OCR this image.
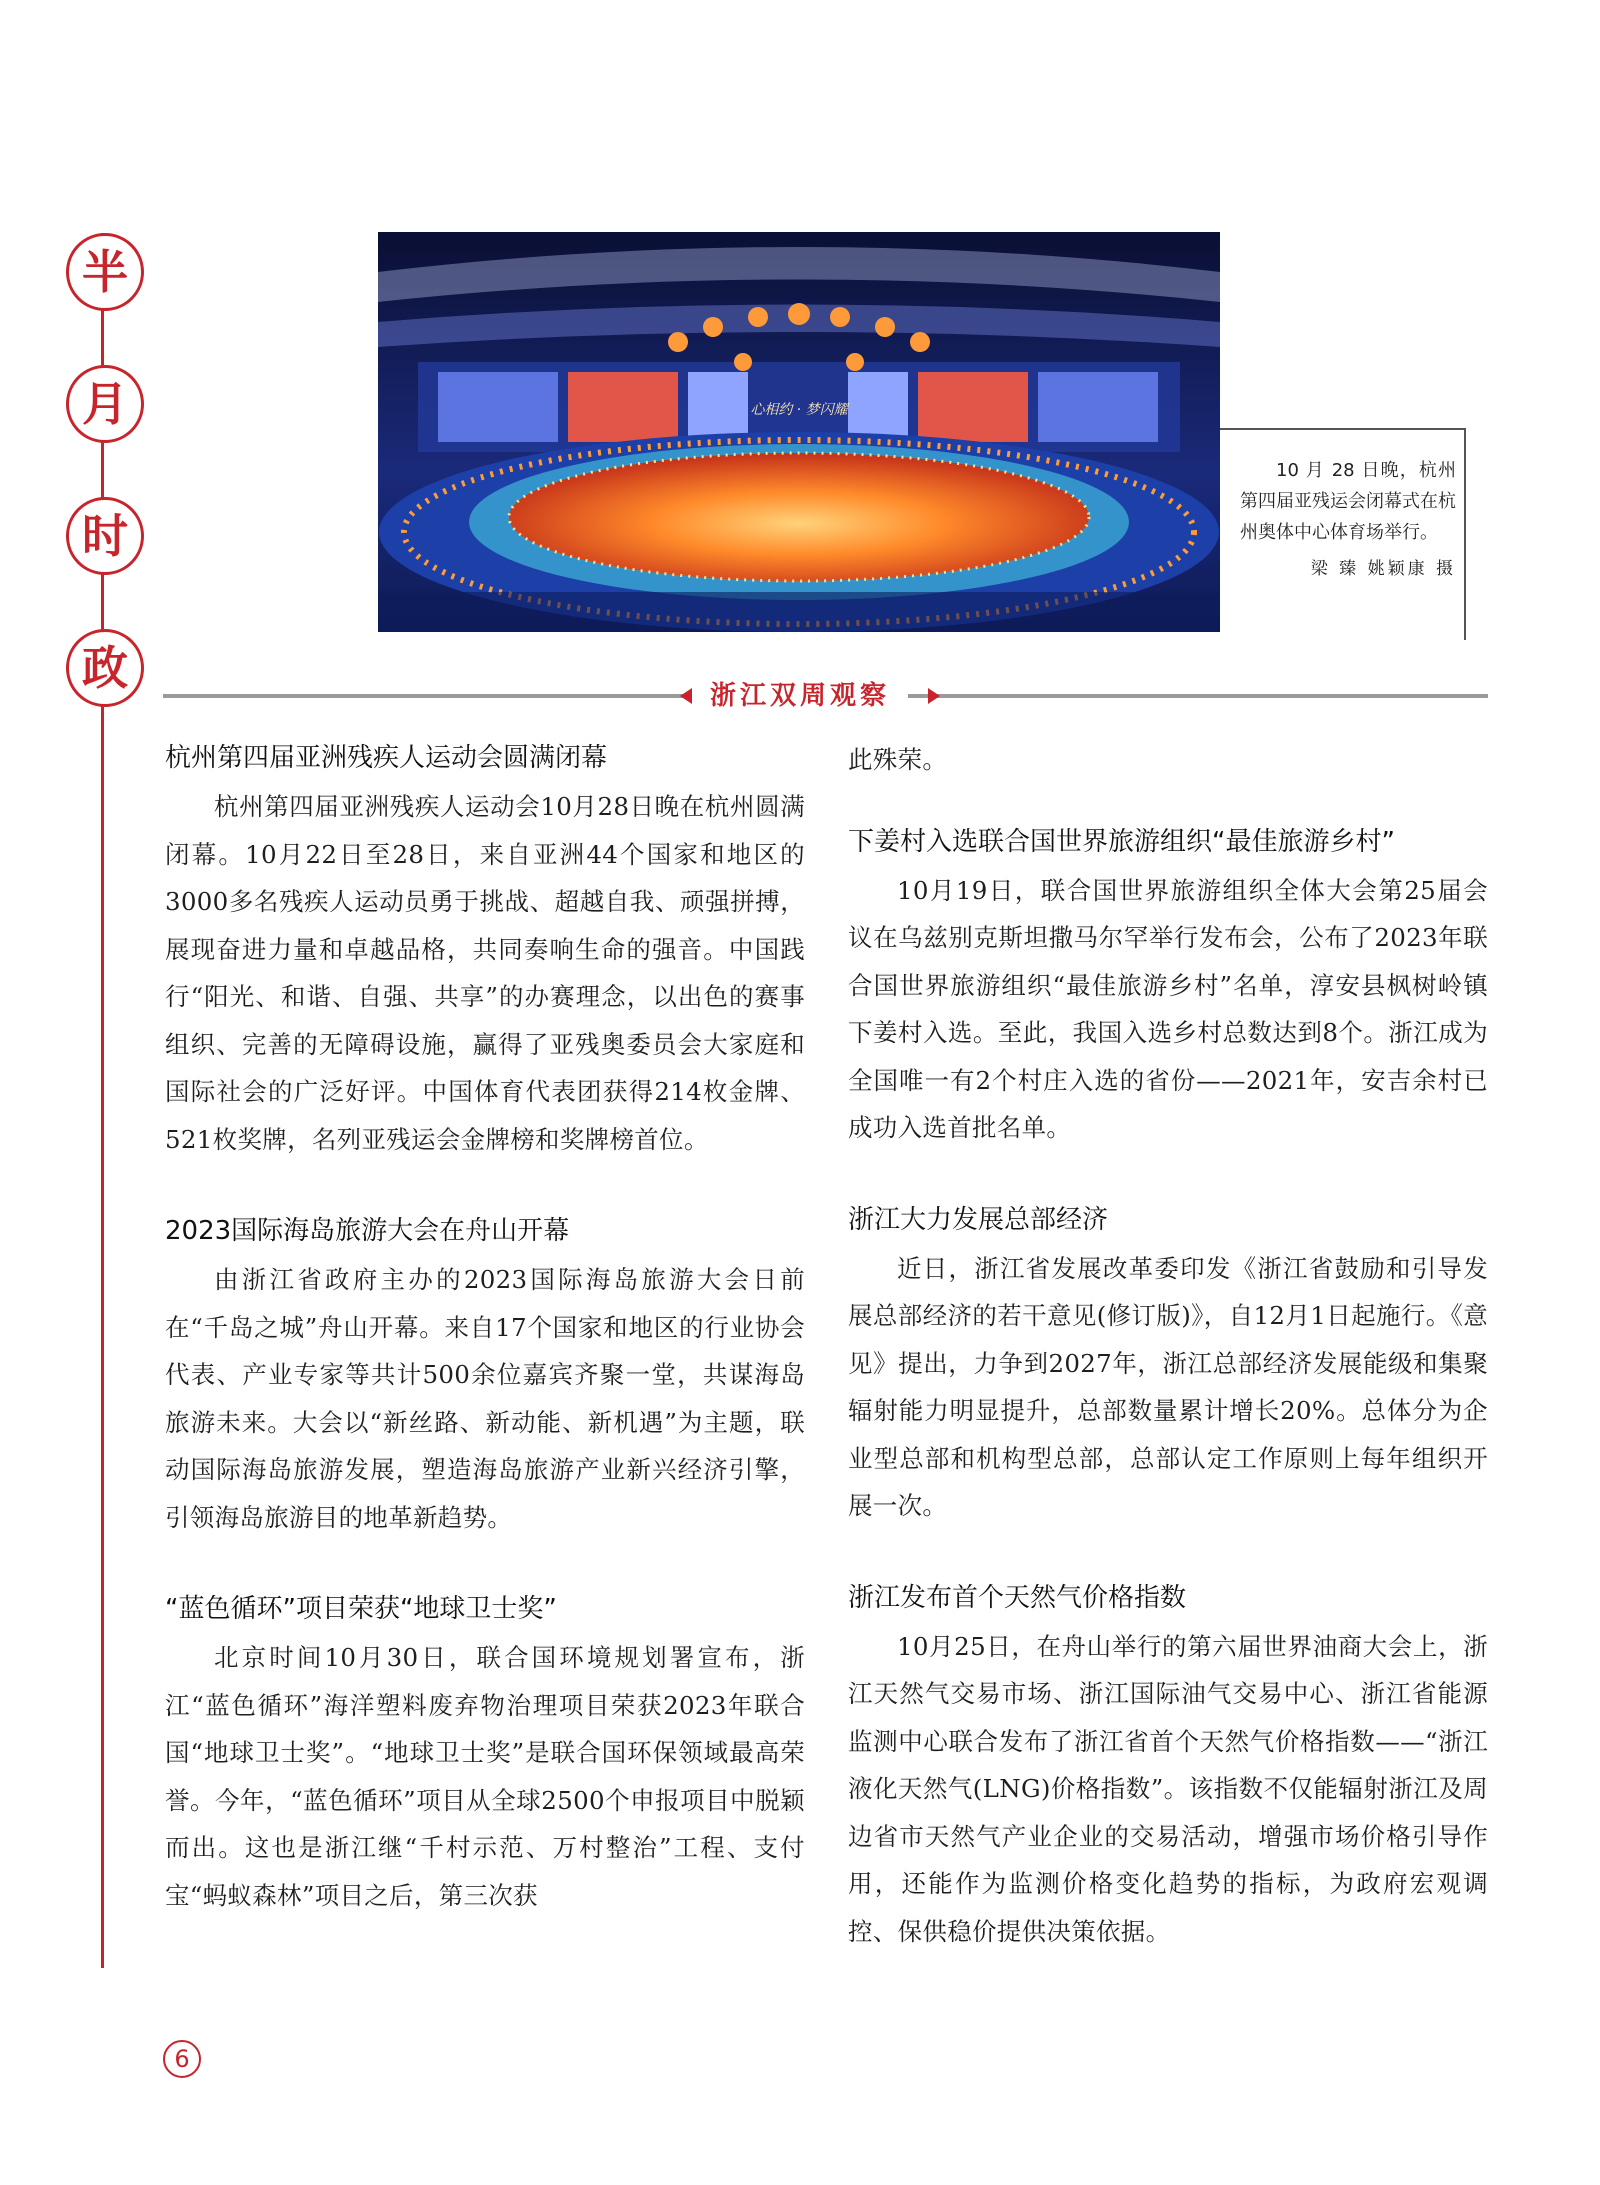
半
月
时
政
心相约 · 梦闪耀
10 月 28 日晚，杭州第四届亚残运会闭幕式在杭州奥体中心体育场举行。
梁 臻 姚颖康 摄
浙江双周观察
杭州第四届亚洲残疾人运动会圆满闭幕

杭州第四届亚洲残疾人运动会10月28日晚在杭州圆满闭幕。10月22日至28日，来自亚洲44个国家和地区的3000多名残疾人运动员勇于挑战、超越自我、顽强拼搏，展现奋进力量和卓越品格，共同奏响生命的强音。中国践行“阳光、和谐、自强、共享”的办赛理念，以出色的赛事组织、完善的无障碍设施，赢得了亚残奥委员会大家庭和国际社会的广泛好评。中国体育代表团获得214枚金牌、521枚奖牌，名列亚残运会金牌榜和奖牌榜首位。

2023国际海岛旅游大会在舟山开幕

由浙江省政府主办的2023国际海岛旅游大会日前在“千岛之城”舟山开幕。来自17个国家和地区的行业协会代表、产业专家等共计500余位嘉宾齐聚一堂，共谋海岛旅游未来。大会以“新丝路、新动能、新机遇”为主题，联动国际海岛旅游发展，塑造海岛旅游产业新兴经济引擎，引领海岛旅游目的地革新趋势。

“蓝色循环”项目荣获“地球卫士奖”

北京时间10月30日，联合国环境规划署宣布，浙江“蓝色循环”海洋塑料废弃物治理项目荣获2023年联合国“地球卫士奖”。“地球卫士奖”是联合国环保领域最高荣誉。今年，“蓝色循环”项目从全球2500个申报项目中脱颖而出。这也是浙江继“千村示范、万村整治”工程、支付宝“蚂蚁森林”项目之后，第三次获

此殊荣。

下姜村入选联合国世界旅游组织“最佳旅游乡村”

10月19日，联合国世界旅游组织全体大会第25届会议在乌兹别克斯坦撒马尔罕举行发布会，公布了2023年联合国世界旅游组织“最佳旅游乡村”名单，淳安县枫树岭镇下姜村入选。至此，我国入选乡村总数达到8个。浙江成为全国唯一有2个村庄入选的省份——2021年，安吉余村已成功入选首批名单。

浙江大力发展总部经济

近日，浙江省发展改革委印发《浙江省鼓励和引导发展总部经济的若干意见(修订版)》，自12月1日起施行。《意见》提出，力争到2027年，浙江总部经济发展能级和集聚辐射能力明显提升，总部数量累计增长20%。总体分为企业型总部和机构型总部，总部认定工作原则上每年组织开展一次。

浙江发布首个天然气价格指数

10月25日，在舟山举行的第六届世界油商大会上，浙江天然气交易市场、浙江国际油气交易中心、浙江省能源监测中心联合发布了浙江省首个天然气价格指数——“浙江液化天然气(LNG)价格指数”。该指数不仅能辐射浙江及周边省市天然气产业企业的交易活动，增强市场价格引导作用，还能作为监测价格变化趋势的指标，为政府宏观调控、保供稳价提供决策依据。

6
